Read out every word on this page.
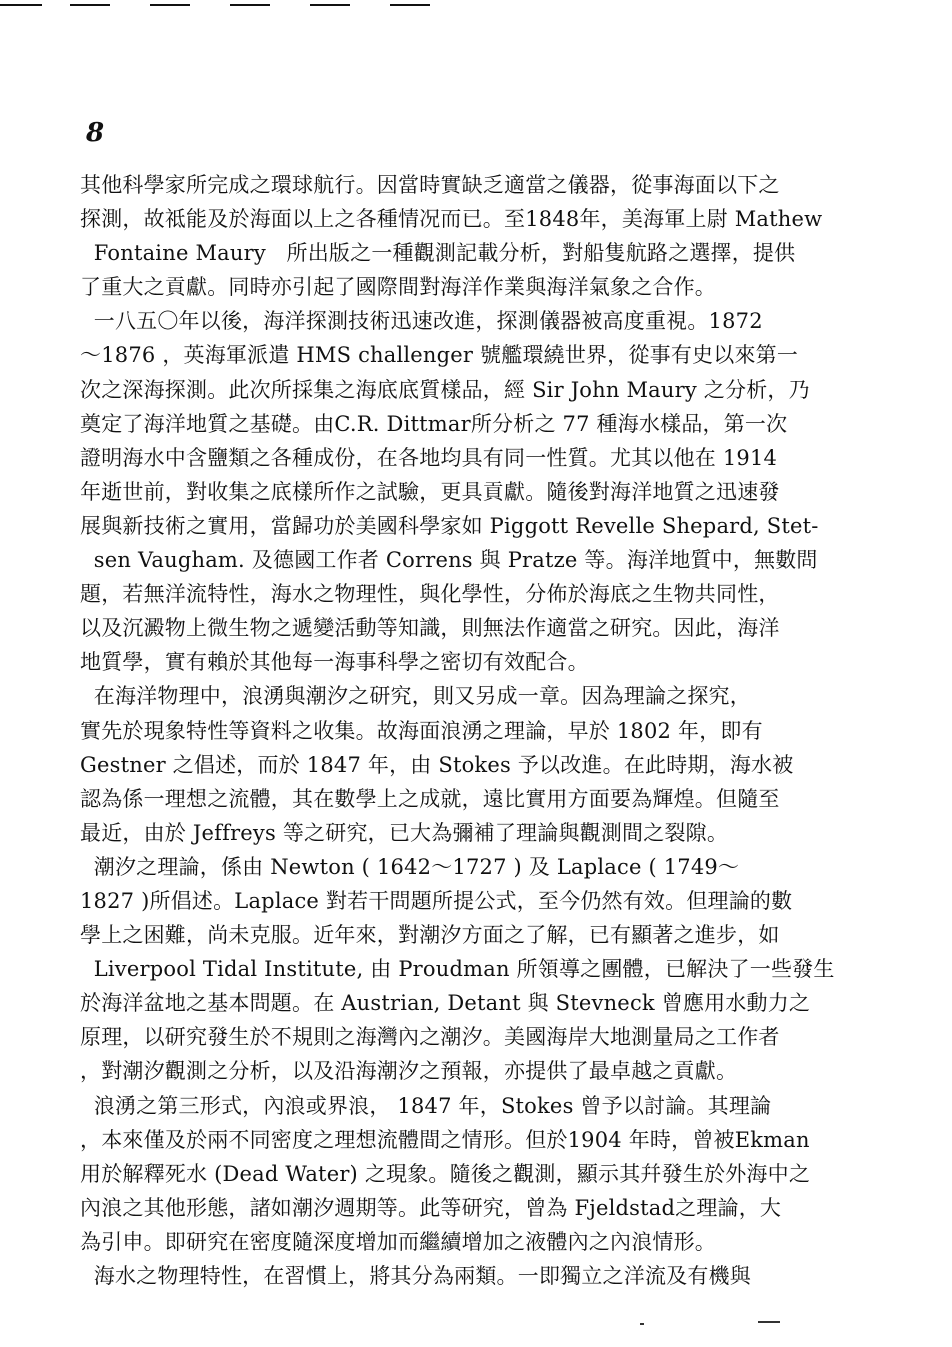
8
其他科學家所完成之環球航行。因當時實缺乏適當之儀器，從事海面以下之
探測，故祗能及於海面以上之各種情况而已。至1848年，美海軍上尉 Mathew
Fontaine Maury   所出版之一種觀測記載分析，對船隻航路之選擇，提供
了重大之貢獻。同時亦引起了國際間對海洋作業與海洋氣象之合作。
一八五〇年以後，海洋探測技術迅速改進，探測儀器被高度重視。1872
～1876 ，英海軍派遣 HMS challenger 號艦環繞世界，從事有史以來第一
次之深海探測。此次所採集之海底底質樣品，經 Sir John Maury 之分析，乃
奠定了海洋地質之基礎。由C.R. Dittmar所分析之 77 種海水樣品，第一次
證明海水中含鹽類之各種成份，在各地均具有同一性質。尤其以他在 1914
年逝世前，對收集之底樣所作之試驗，更具貢獻。隨後對海洋地質之迅速發
展與新技術之實用，當歸功於美國科學家如 Piggott Revelle Shepard, Stet-
sen Vaugham. 及德國工作者 Correns 與 Pratze 等。海洋地質中，無數問
題，若無洋流特性，海水之物理性，與化學性，分佈於海底之生物共同性，
以及沉澱物上微生物之遞變活動等知識，則無法作適當之研究。因此，海洋
地質學，實有賴於其他每一海事科學之密切有效配合。
在海洋物理中，浪湧與潮汐之研究，則又另成一章。因為理論之探究，
實先於現象特性等資料之收集。故海面浪湧之理論，早於 1802 年，即有
Gestner 之倡述，而於 1847 年，由 Stokes 予以改進。在此時期，海水被
認為係一理想之流體，其在數學上之成就，遠比實用方面要為輝煌。但隨至
最近，由於 Jeffreys 等之研究，已大為彌補了理論與觀測間之裂隙。
潮汐之理論，係由 Newton ( 1642～1727 ) 及 Laplace ( 1749～
1827 )所倡述。Laplace 對若干問題所提公式，至今仍然有效。但理論的數
學上之困難，尚未克服。近年來，對潮汐方面之了解，已有顯著之進步，如
Liverpool Tidal Institute, 由 Proudman 所領導之團體，已解決了一些發生
於海洋盆地之基本問題。在 Austrian, Detant 與 Stevneck 曾應用水動力之
原理，以研究發生於不規則之海灣內之潮汐。美國海岸大地測量局之工作者
，對潮汐觀測之分析，以及沿海潮汐之預報，亦提供了最卓越之貢獻。
浪湧之第三形式，內浪或界浪， 1847 年，Stokes 曾予以討論。其理論
，本來僅及於兩不同密度之理想流體間之情形。但於1904 年時，曾被Ekman
用於解釋死水 (Dead Water) 之現象。隨後之觀測，顯示其幷發生於外海中之
內浪之其他形態，諸如潮汐週期等。此等研究，曾為 Fjeldstad之理論，大
為引申。即研究在密度隨深度增加而繼續增加之液體內之內浪情形。
海水之物理特性，在習慣上，將其分為兩類。一即獨立之洋流及有機與
